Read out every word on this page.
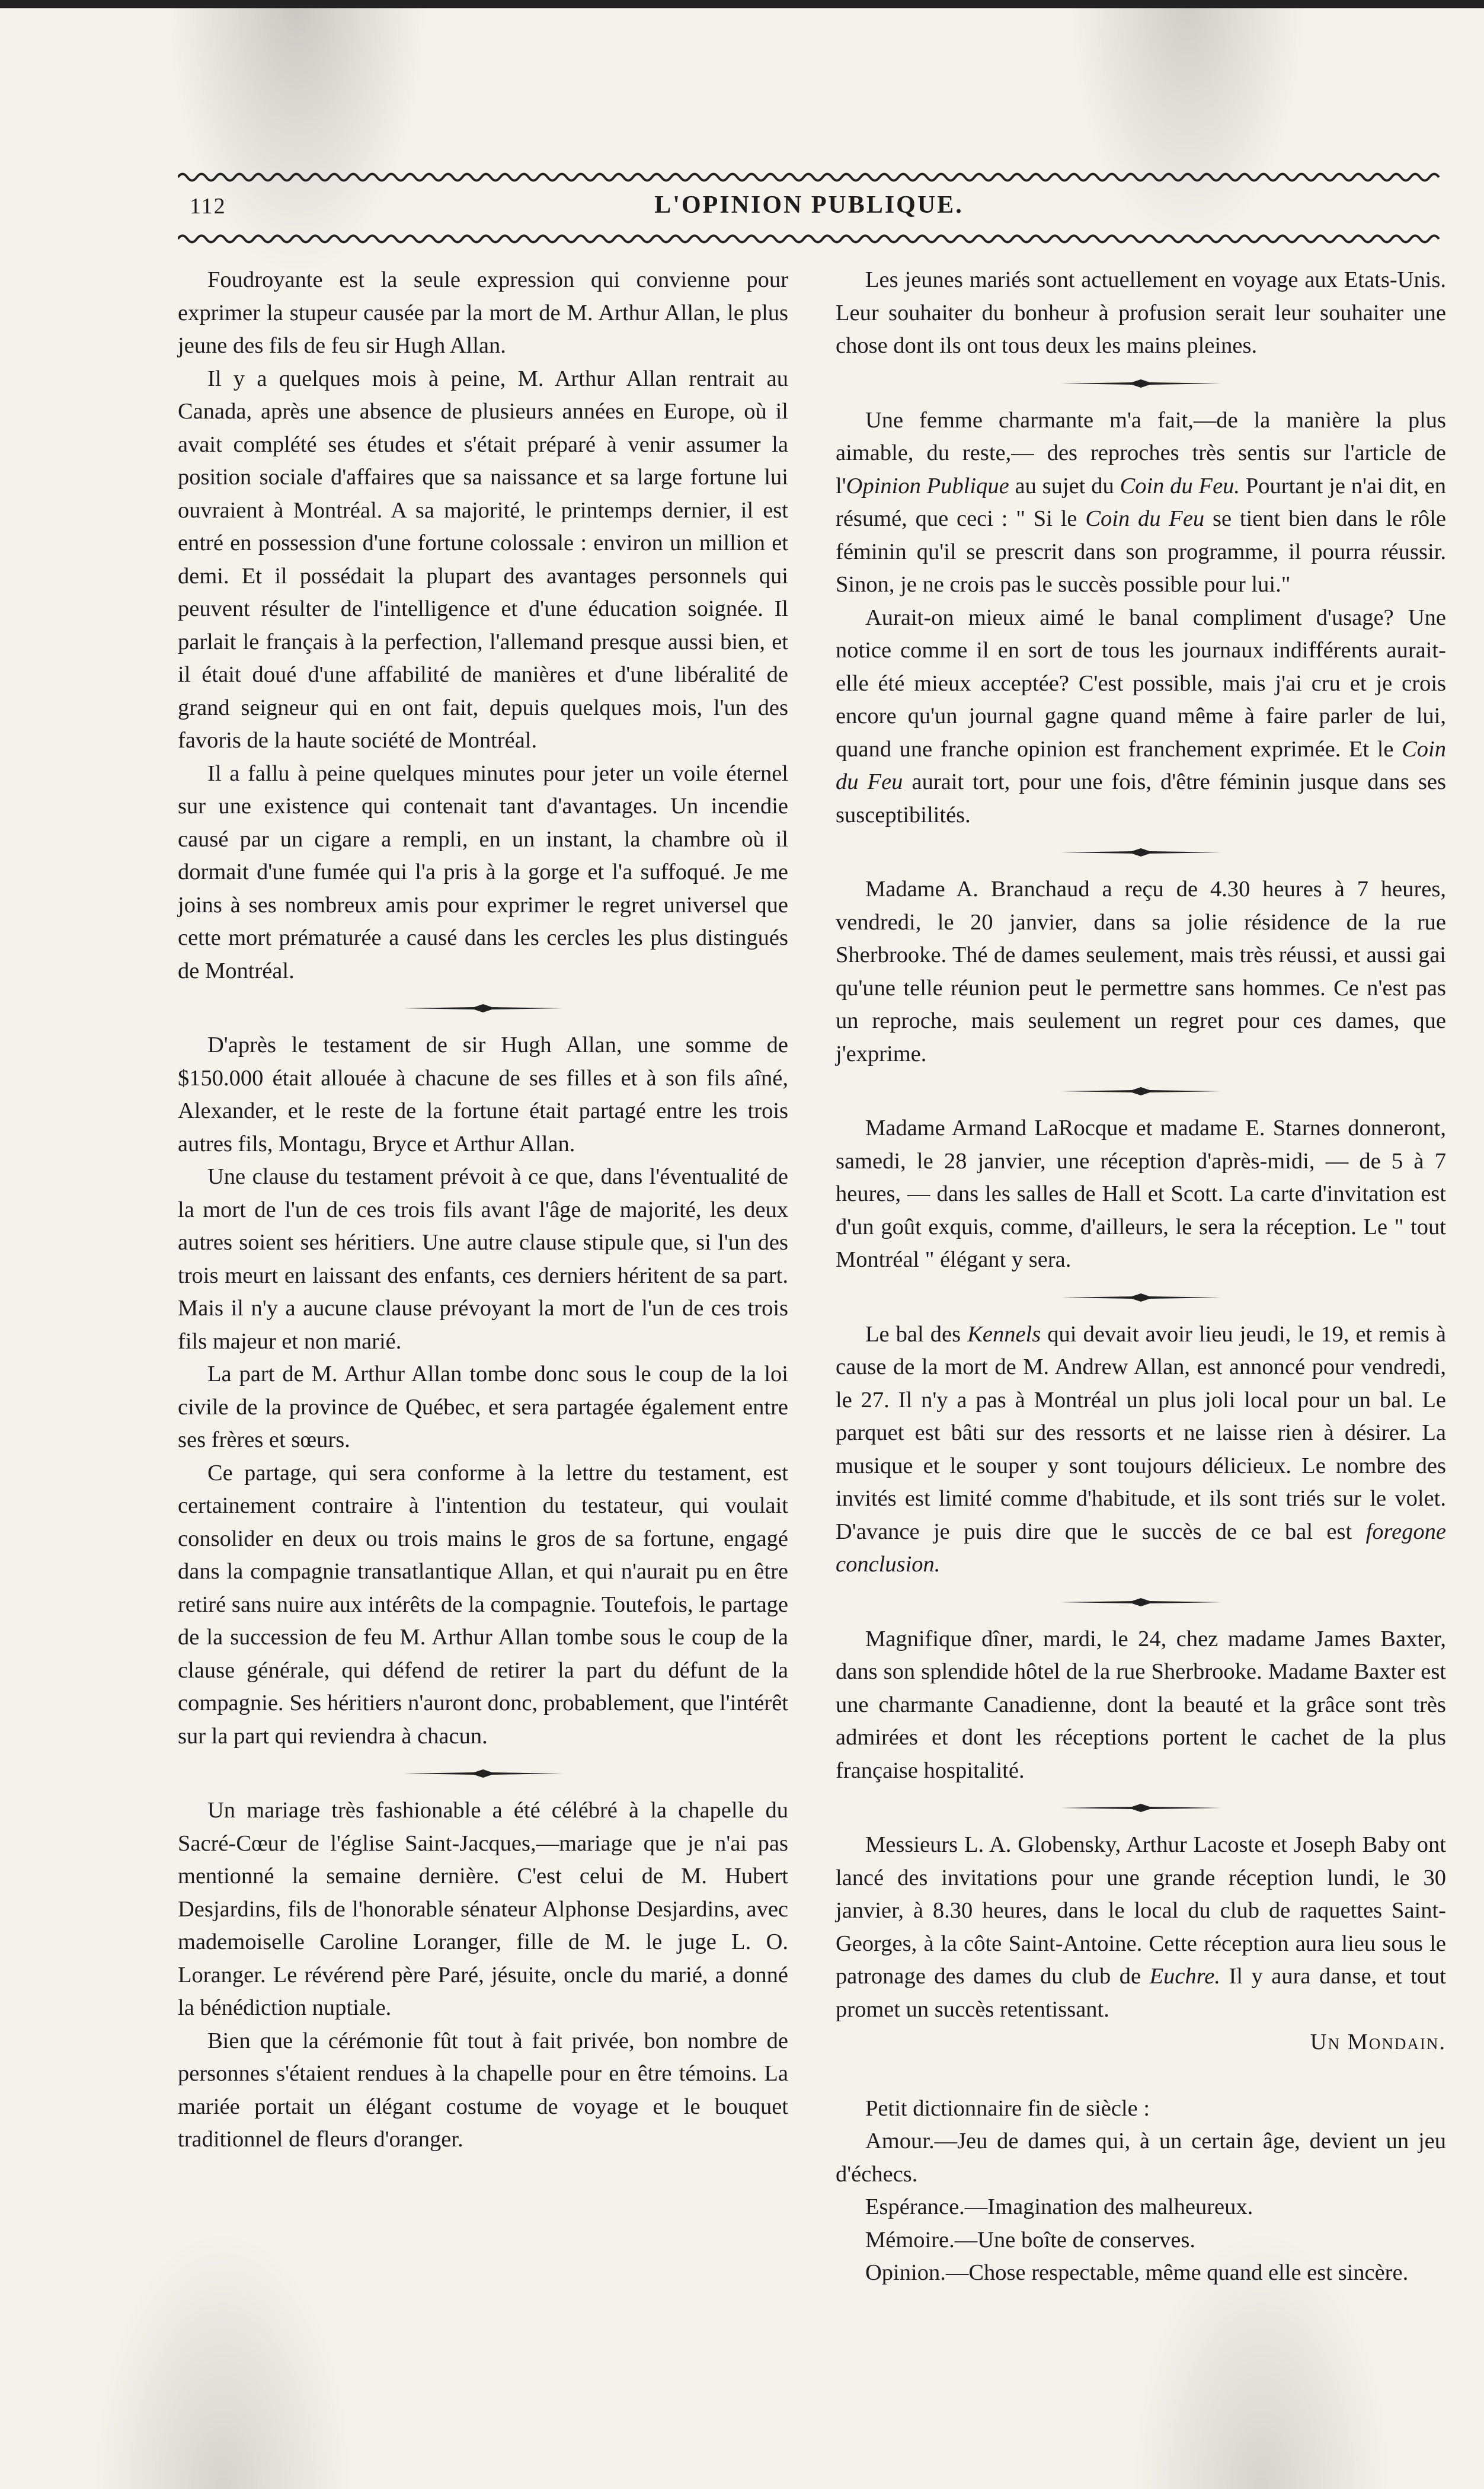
112	L'OPINION PUBLIQUE.

Foudroyante est la seule expression qui convienne pour exprimer la stupeur causée par la mort de M. Arthur Allan, le plus jeune des fils de feu sir Hugh Allan.

Il y a quelques mois à peine, M. Arthur Allan rentrait au Canada, après une absence de plusieurs années en Europe, où il avait complété ses études et s'était préparé à venir assumer la position sociale d'affaires que sa naissance et sa large fortune lui ouvraient à Montréal. A sa majorité, le printemps dernier, il est entré en possession d'une fortune colossale : environ un million et demi. Et il possédait la plupart des avantages personnels qui peuvent résulter de l'intelligence et d'une éducation soignée. Il parlait le français à la perfection, l'allemand presque aussi bien, et il était doué d'une affabilité de manières et d'une libéralité de grand seigneur qui en ont fait, depuis quelques mois, l'un des favoris de la haute société de Montréal.

Il a fallu à peine quelques minutes pour jeter un voile éternel sur une existence qui contenait tant d'avantages. Un incendie causé par un cigare a rempli, en un instant, la chambre où il dormait d'une fumée qui l'a pris à la gorge et l'a suffoqué. Je me joins à ses nombreux amis pour exprimer le regret universel que cette mort prématurée a causé dans les cercles les plus distingués de Montréal.

D'après le testament de sir Hugh Allan, une somme de $150.000 était allouée à chacune de ses filles et à son fils aîné, Alexander, et le reste de la fortune était partagé entre les trois autres fils, Montagu, Bryce et Arthur Allan.

Une clause du testament prévoit à ce que, dans l'éventualité de la mort de l'un de ces trois fils avant l'âge de majorité, les deux autres soient ses héritiers. Une autre clause stipule que, si l'un des trois meurt en laissant des enfants, ces derniers héritent de sa part. Mais il n'y a aucune clause prévoyant la mort de l'un de ces trois fils majeur et non marié.

La part de M. Arthur Allan tombe donc sous le coup de la loi civile de la province de Québec, et sera partagée également entre ses frères et sœurs.

Ce partage, qui sera conforme à la lettre du testament, est certainement contraire à l'intention du testateur, qui voulait consolider en deux ou trois mains le gros de sa fortune, engagé dans la compagnie transatlantique Allan, et qui n'aurait pu en être retiré sans nuire aux intérêts de la compagnie. Toutefois, le partage de la succession de feu M. Arthur Allan tombe sous le coup de la clause générale, qui défend de retirer la part du défunt de la compagnie. Ses héritiers n'auront donc, probablement, que l'intérêt sur la part qui reviendra à chacun.

Un mariage très fashionable a été célébré à la chapelle du Sacré-Cœur de l'église Saint-Jacques,—mariage que je n'ai pas mentionné la semaine dernière. C'est celui de M. Hubert Desjardins, fils de l'honorable sénateur Alphonse Desjardins, avec mademoiselle Caroline Loranger, fille de M. le juge L. O. Loranger. Le révérend père Paré, jésuite, oncle du marié, a donné la bénédiction nuptiale.

Bien que la cérémonie fût tout à fait privée, bon nombre de personnes s'étaient rendues à la chapelle pour en être témoins. La mariée portait un élégant costume de voyage et le bouquet traditionnel de fleurs d'oranger.

Les jeunes mariés sont actuellement en voyage aux Etats-Unis. Leur souhaiter du bonheur à profusion serait leur souhaiter une chose dont ils ont tous deux les mains pleines.

Une femme charmante m'a fait,—de la manière la plus aimable, du reste,— des reproches très sentis sur l'article de l'Opinion Publique au sujet du Coin du Feu. Pourtant je n'ai dit, en résumé, que ceci : " Si le Coin du Feu se tient bien dans le rôle féminin qu'il se prescrit dans son programme, il pourra réussir. Sinon, je ne crois pas le succès possible pour lui."

Aurait-on mieux aimé le banal compliment d'usage? Une notice comme il en sort de tous les journaux indifférents aurait-elle été mieux acceptée? C'est possible, mais j'ai cru et je crois encore qu'un journal gagne quand même à faire parler de lui, quand une franche opinion est franchement exprimée. Et le Coin du Feu aurait tort, pour une fois, d'être féminin jusque dans ses susceptibilités.

Madame A. Branchaud a reçu de 4.30 heures à 7 heures, vendredi, le 20 janvier, dans sa jolie résidence de la rue Sherbrooke. Thé de dames seulement, mais très réussi, et aussi gai qu'une telle réunion peut le permettre sans hommes. Ce n'est pas un reproche, mais seulement un regret pour ces dames, que j'exprime.

Madame Armand LaRocque et madame E. Starnes donneront, samedi, le 28 janvier, une réception d'après-midi, — de 5 à 7 heures, — dans les salles de Hall et Scott. La carte d'invitation est d'un goût exquis, comme, d'ailleurs, le sera la réception. Le " tout Montréal " élégant y sera.

Le bal des Kennels qui devait avoir lieu jeudi, le 19, et remis à cause de la mort de M. Andrew Allan, est annoncé pour vendredi, le 27. Il n'y a pas à Montréal un plus joli local pour un bal. Le parquet est bâti sur des ressorts et ne laisse rien à désirer. La musique et le souper y sont toujours délicieux. Le nombre des invités est limité comme d'habitude, et ils sont triés sur le volet. D'avance je puis dire que le succès de ce bal est foregone conclusion.

Magnifique dîner, mardi, le 24, chez madame James Baxter, dans son splendide hôtel de la rue Sherbrooke. Madame Baxter est une charmante Canadienne, dont la beauté et la grâce sont très admirées et dont les réceptions portent le cachet de la plus française hospitalité.

Messieurs L. A. Globensky, Arthur Lacoste et Joseph Baby ont lancé des invitations pour une grande réception lundi, le 30 janvier, à 8.30 heures, dans le local du club de raquettes Saint-Georges, à la côte Saint-Antoine. Cette réception aura lieu sous le patronage des dames du club de Euchre. Il y aura danse, et tout promet un succès retentissant.

Un Mondain.

Petit dictionnaire fin de siècle :

Amour.—Jeu de dames qui, à un certain âge, devient un jeu d'échecs.

Espérance.—Imagination des malheureux.

Mémoire.—Une boîte de conserves.

Opinion.—Chose respectable, même quand elle est sincère.
